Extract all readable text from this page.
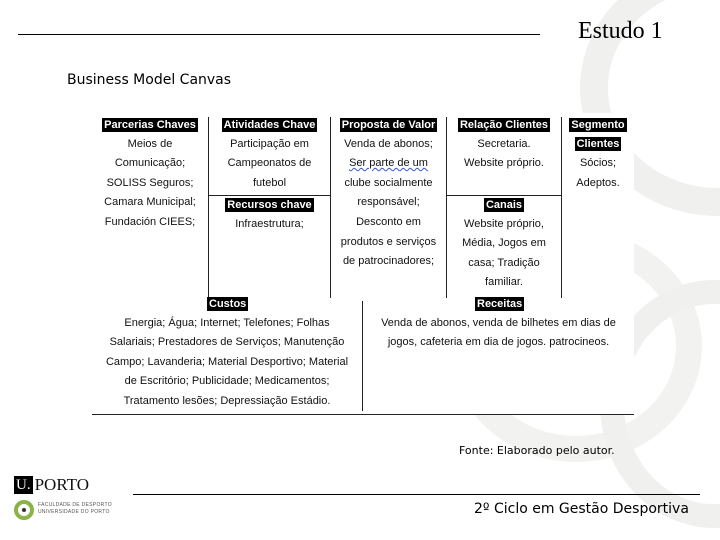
Estudo 1
Business Model Canvas
Parcerias Chaves
Meios de
Comunicação;
SOLISS Seguros;
Camara Municipal;
Fundación CIEES;
Atividades Chave
Participação em
Campeonatos de
futebol
Recursos chave
Infraestrutura;
Proposta de Valor
Venda de abonos;
Ser parte de um
clube socialmente
responsável;
Desconto em
produtos e serviços
de patrocinadores;
Relação Clientes
Secretaria.
Website próprio.
Canais
Website próprio,
Média, Jogos em
casa; Tradição
familiar.
Segmento
Clientes
Sócios;
Adeptos.
Custos
Energia; Água; Internet; Telefones; Folhas
Salariais; Prestadores de Serviços; Manutenção
Campo; Lavanderia; Material Desportivo; Material
de Escritório; Publicidade; Medicamentos;
Tratamento lesões; Depressiação Estádio.
Receitas
Venda de abonos, venda de bilhetes em dias de
jogos, cafeteria em dia de jogos. patrocineos.
Fonte: Elaborado pelo autor.
U. PORTO
FACULDADE DE DESPORTO
UNIVERSIDADE DO PORTO	2º Ciclo em Gestão Desportiva
